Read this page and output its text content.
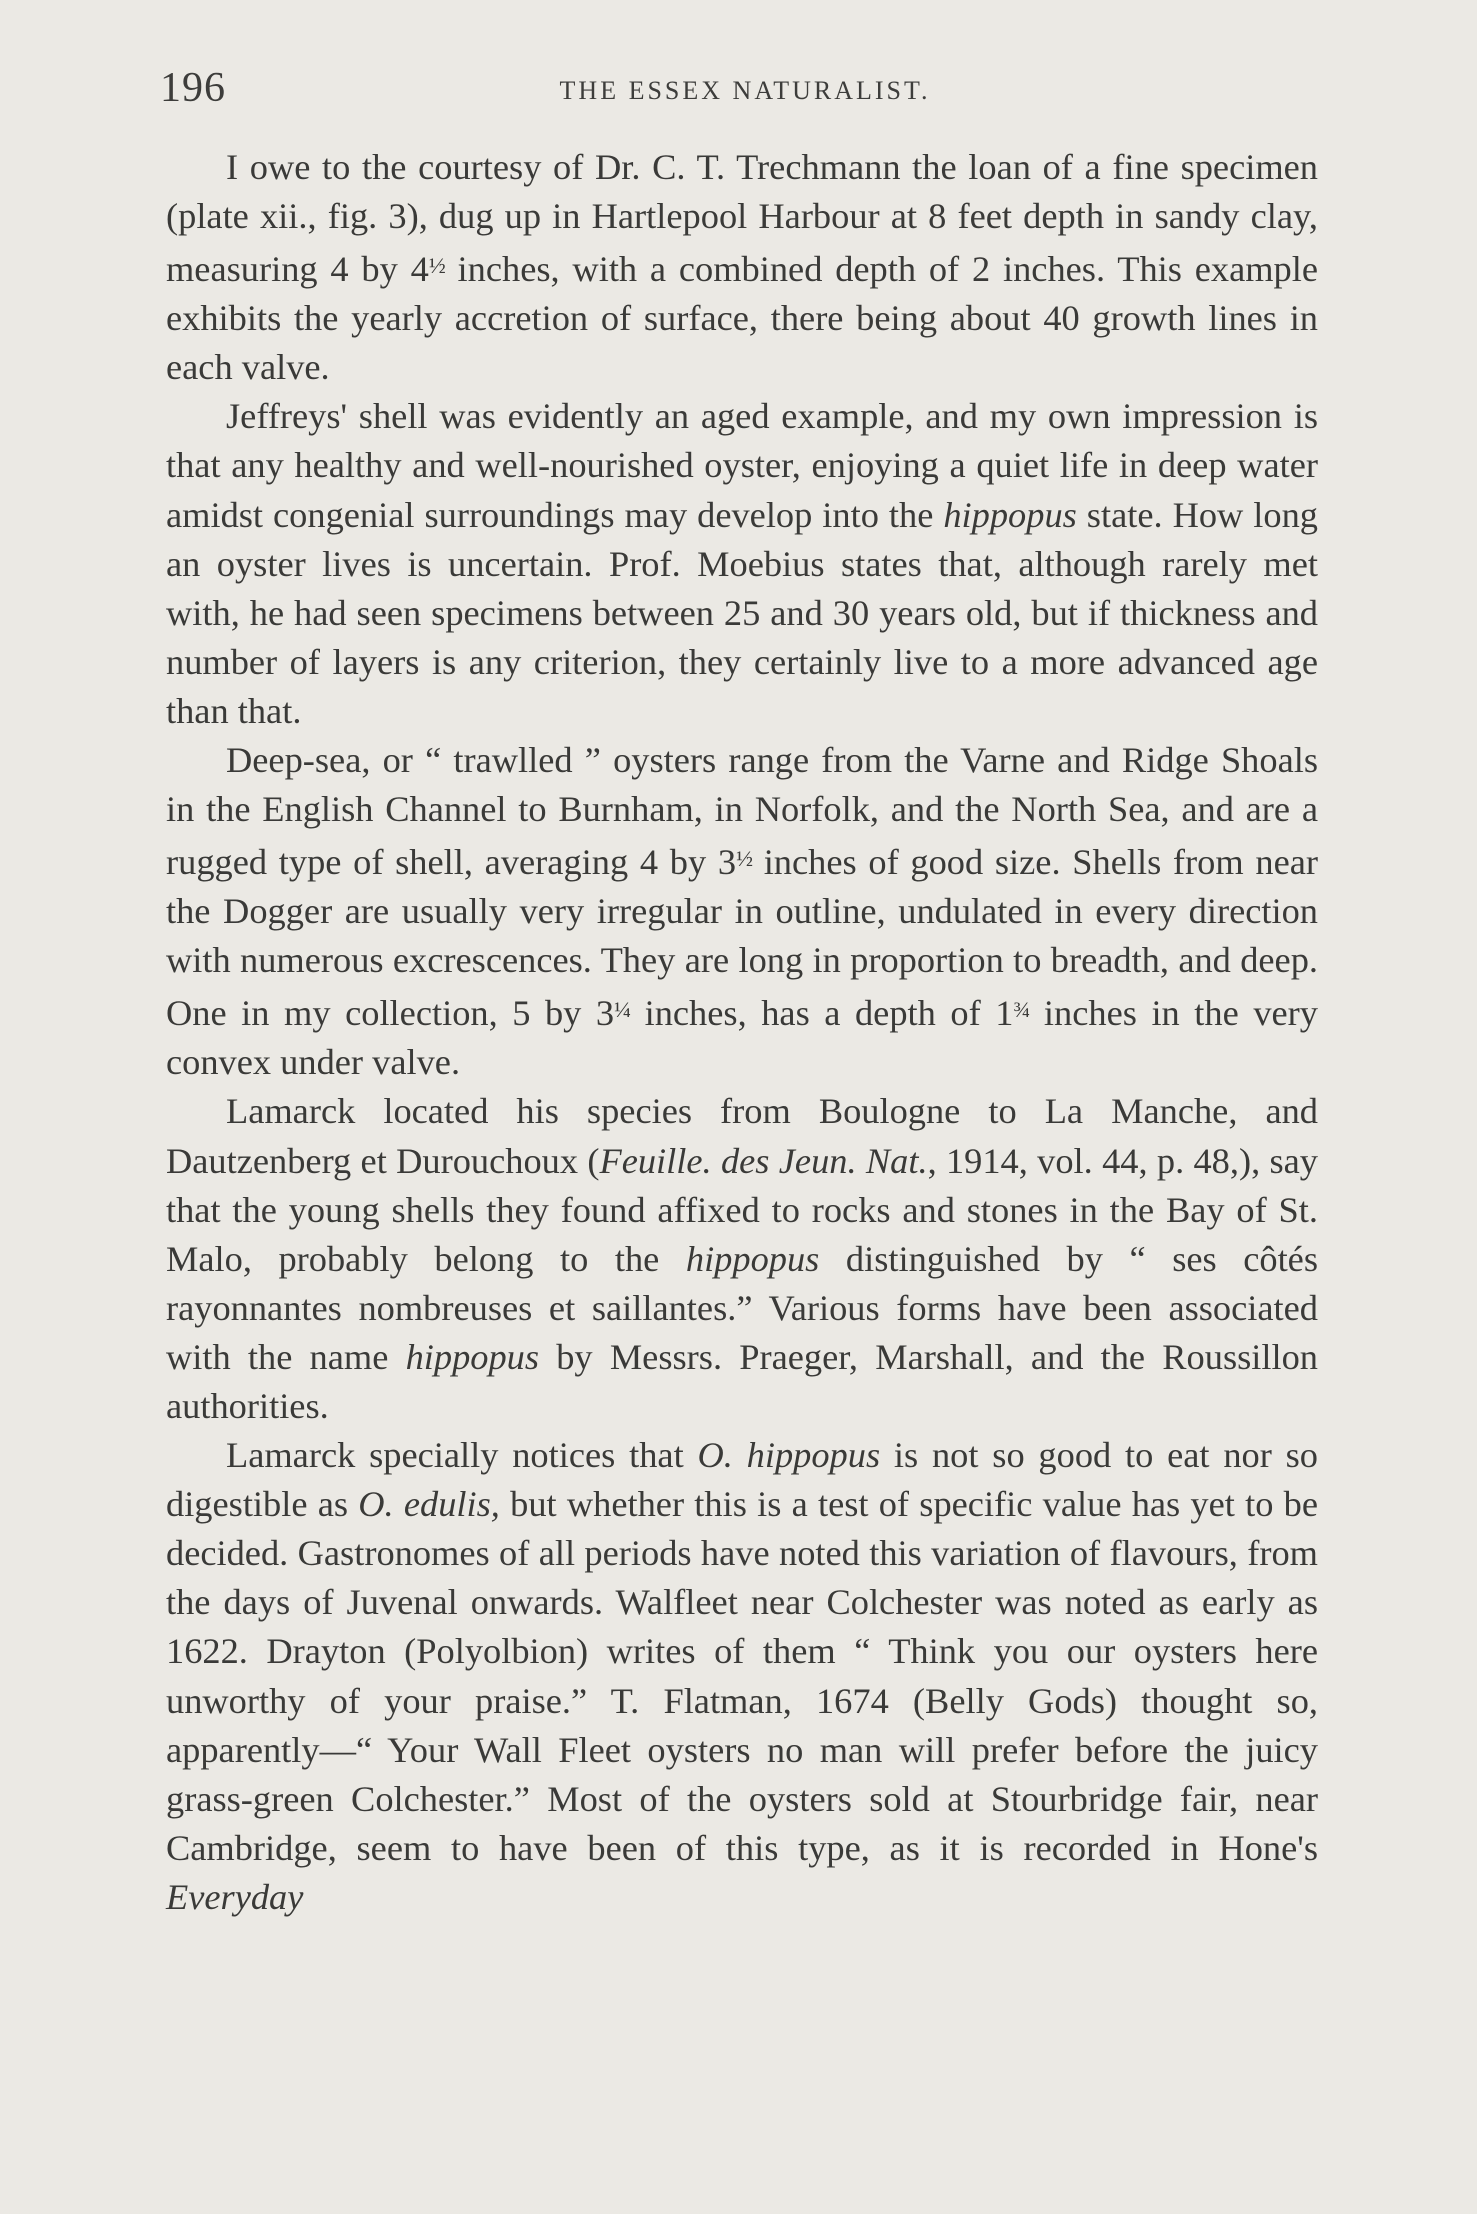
196	THE ESSEX NATURALIST.

I owe to the courtesy of Dr. C. T. Trechmann the loan of a fine specimen (plate xii., fig. 3), dug up in Hartlepool Harbour at 8 feet depth in sandy clay, measuring 4 by $4^{\frac{1}{2}}$ inches, with a combined depth of 2 inches. This example exhibits the yearly accretion of surface, there being about 40 growth lines in each valve.

Jeffreys' shell was evidently an aged example, and my own impression is that any healthy and well-nourished oyster, enjoying a quiet life in deep water amidst congenial surroundings may develop into the hippopus state. How long an oyster lives is uncertain. Prof. Moebius states that, although rarely met with, he had seen specimens between 25 and 30 years old, but if thickness and number of layers is any criterion, they certainly live to a more advanced age than that.

Deep-sea, or “ trawlled ” oysters range from the Varne and Ridge Shoals in the English Channel to Burnham, in Norfolk, and the North Sea, and are a rugged type of shell, averaging 4 by $3^{\frac{1}{2}}$ inches of good size. Shells from near the Dogger are usually very irregular in outline, undulated in every direction with numerous excrescences. They are long in proportion to breadth, and deep. One in my collection, 5 by $3^{\frac{1}{4}}$ inches, has a depth of $1^{\frac{3}{4}}$ inches in the very convex under valve.

Lamarck located his species from Boulogne to La Manche, and Dautzenberg et Durouchoux (Feuille. des Jeun. Nat., 1914, vol. 44, p. 48,), say that the young shells they found affixed to rocks and stones in the Bay of St. Malo, probably belong to the hippopus distinguished by “ ses côtés rayonnantes nombreuses et saillantes.” Various forms have been associated with the name hippopus by Messrs. Praeger, Marshall, and the Roussillon authorities.

Lamarck specially notices that O. hippopus is not so good to eat nor so digestible as O. edulis, but whether this is a test of specific value has yet to be decided. Gastronomes of all periods have noted this variation of flavours, from the days of Juvenal onwards. Walfleet near Colchester was noted as early as 1622. Drayton (Polyolbion) writes of them “ Think you our oysters here unworthy of your praise.” T. Flatman, 1674 (Belly Gods) thought so, apparently—“ Your Wall Fleet oysters no man will prefer before the juicy grass-green Colchester.” Most of the oysters sold at Stourbridge fair, near Cambridge, seem to have been of this type, as it is recorded in Hone's Everyday
